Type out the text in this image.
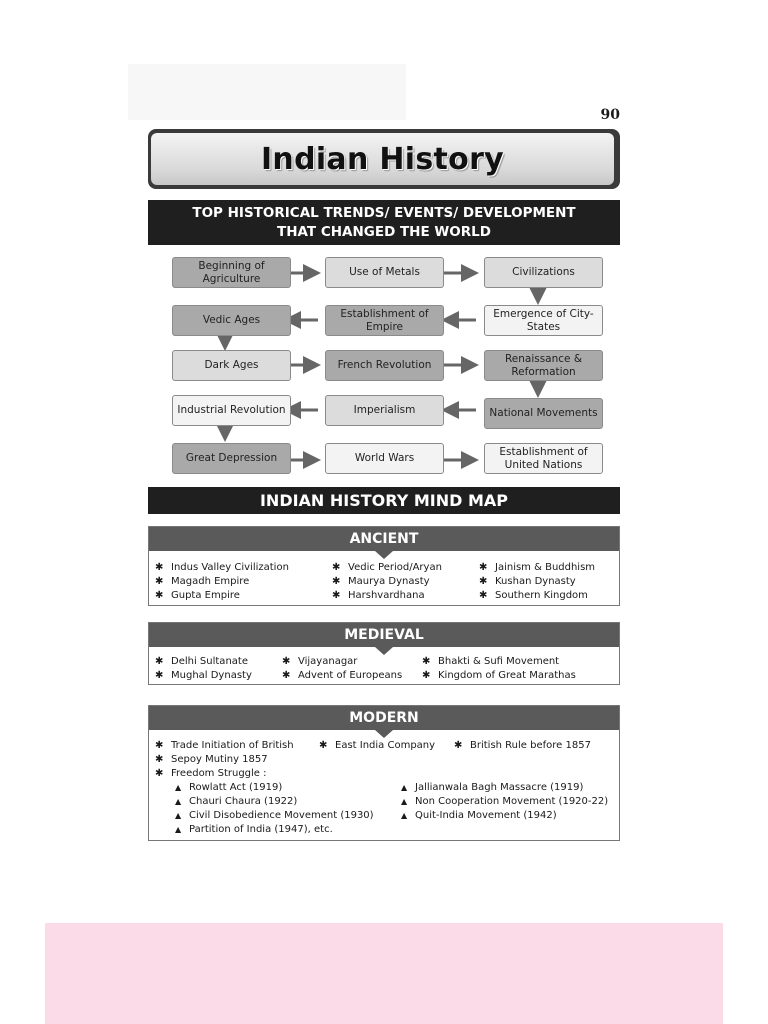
90
Indian History
TOP HISTORICAL TRENDS/ EVENTS/ DEVELOPMENT
THAT CHANGED THE WORLD
Beginning of Agriculture
Use of Metals	Civilizations
Vedic Ages
Establishment of Empire
Emergence of City- States
Dark Ages	French Revolution
Renaissance & Reformation
Industrial Revolution	Imperialism	National Movements
Great Depression	World Wars
Establishment of United Nations
INDIAN HISTORY MIND MAP
ANCIENT
✱ Indus Valley Civilization
✱ Magadh Empire
✱ Gupta Empire
✱ Vedic Period/Aryan
✱ Maurya Dynasty
✱ Harshvardhana
✱ Jainism & Buddhism
✱ Kushan Dynasty
✱ Southern Kingdom
MEDIEVAL
✱ Delhi Sultanate
✱ Mughal Dynasty
✱ Vijayanagar
✱ Advent of Europeans
✱ Bhakti & Sufi Movement
✱ Kingdom of Great Marathas
MODERN
✱ Trade Initiation of British	✱ East India Company ✱ British Rule before 1857
✱ Sepoy Mutiny 1857
✱ Freedom Struggle :
▲ Rowlatt Act (1919)
▲ Chauri Chaura (1922)
▲ Civil Disobedience Movement (1930)
▲ Partition of India (1947), etc.
▲ Jallianwala Bagh Massacre (1919)
▲ Non Cooperation Movement (1920-22)
▲ Quit-India Movement (1942)
